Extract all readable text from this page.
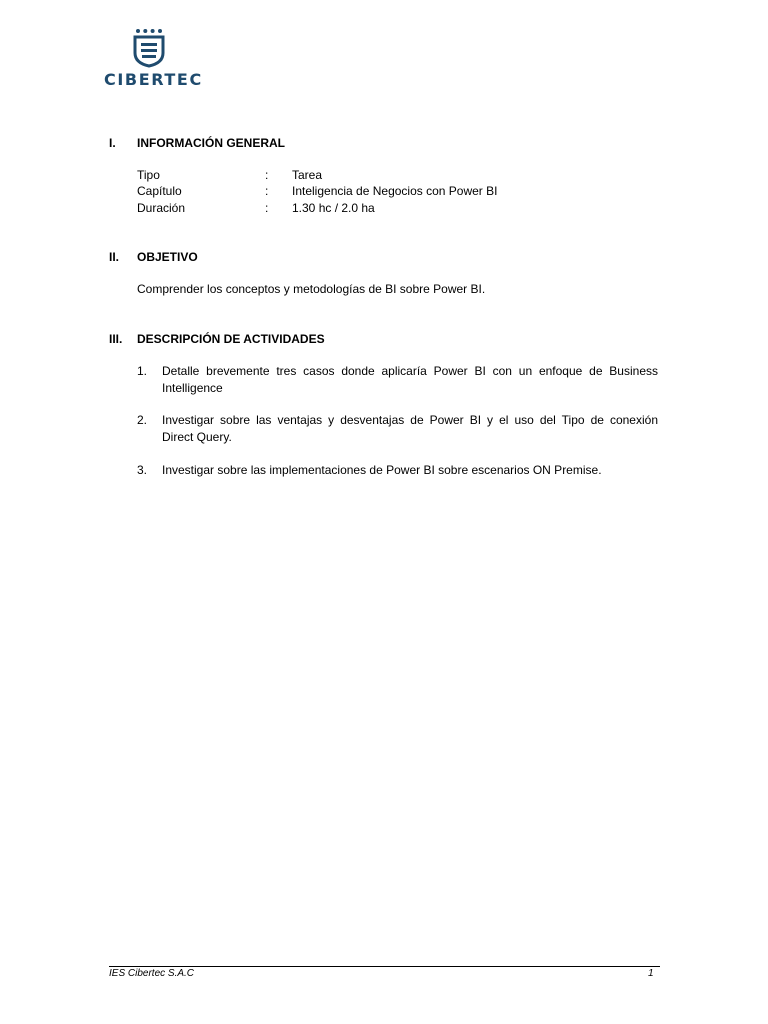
CIBERTEC
I. INFORMACIÓN GENERAL
Tipo	: Tarea
Capítulo	: Inteligencia de Negocios con Power BI
Duración	: 1.30 hc / 2.0 ha
II. OBJETIVO
Comprender los conceptos y metodologías de BI sobre Power BI.
III. DESCRIPCIÓN DE ACTIVIDADES
1.	Detalle brevemente tres casos donde aplicaría Power BI con un enfoque de Business
Intelligence
2.	Investigar sobre las ventajas y desventajas de Power BI y el uso del Tipo de conexión
Direct Query.
3.	Investigar sobre las implementaciones de Power BI sobre escenarios ON Premise.
IES Cibertec S.A.C	1
